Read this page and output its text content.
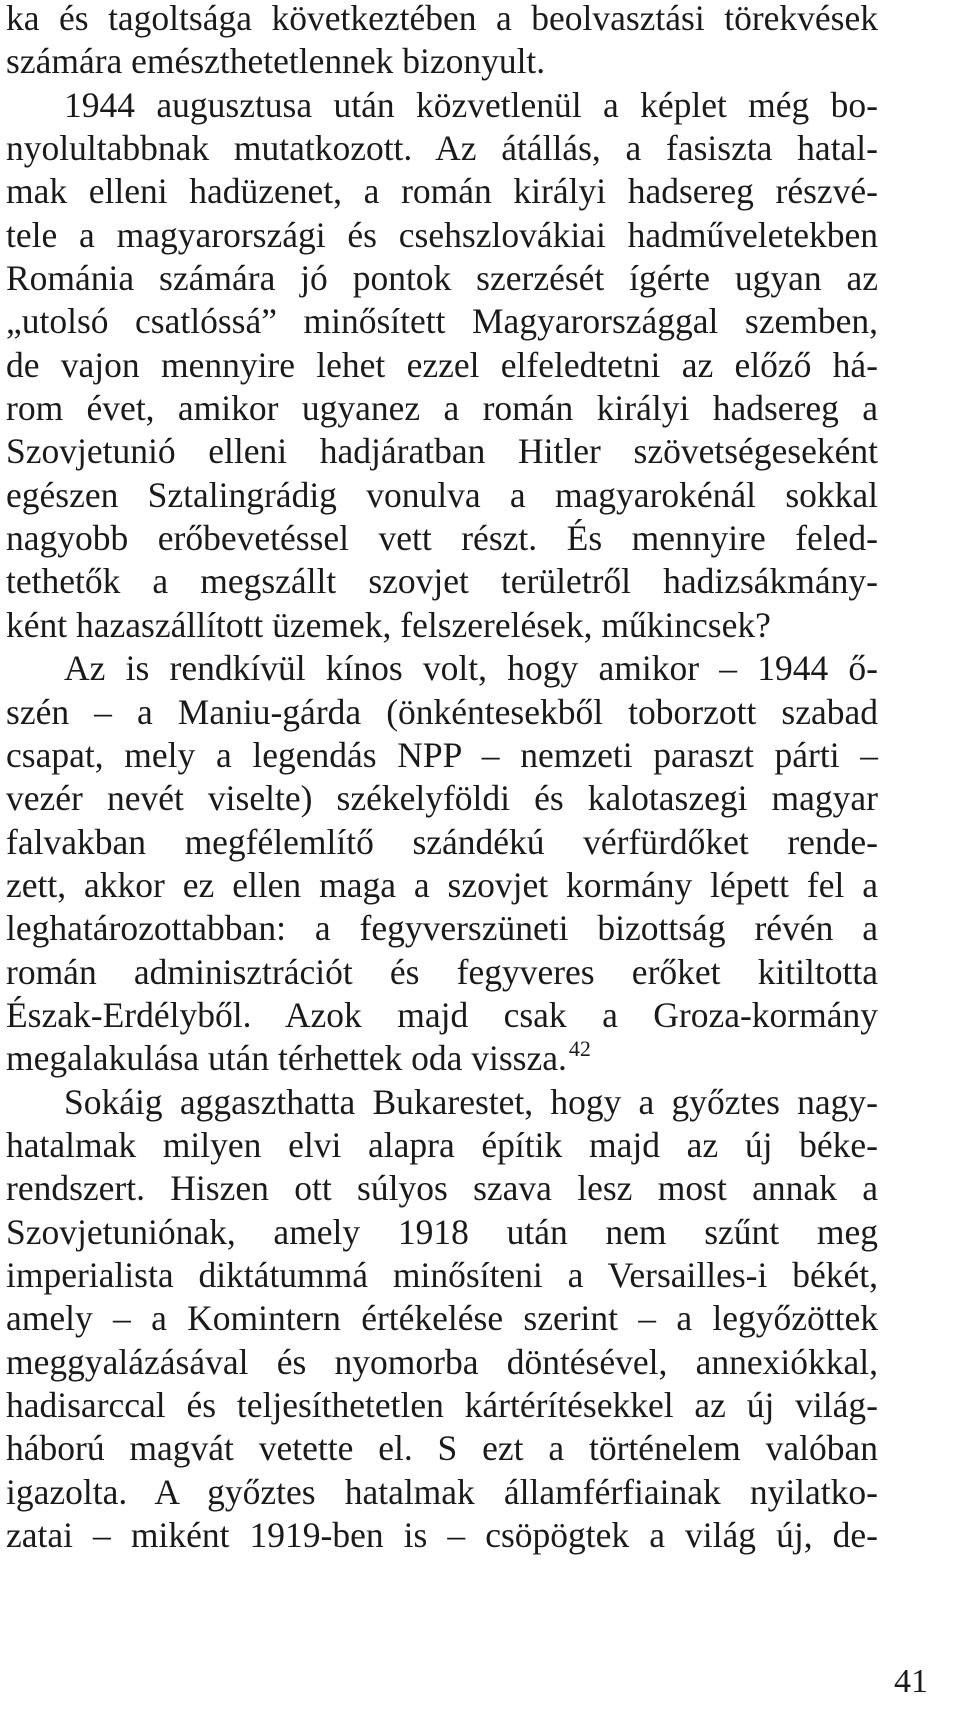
ka és tagoltsága következtében a beolvasztási törekvések
számára emészthetetlennek bizonyult.
1944 augusztusa után közvetlenül a képlet még bo-
nyolultabbnak mutatkozott. Az átállás, a fasiszta hatal-
mak elleni hadüzenet, a román királyi hadsereg részvé-
tele a magyarországi és csehszlovákiai hadműveletekben
Románia számára jó pontok szerzését ígérte ugyan az
„utolsó csatlóssá” minősített Magyarországgal szemben,
de vajon mennyire lehet ezzel elfeledtetni az előző há-
rom évet, amikor ugyanez a román királyi hadsereg a
Szovjetunió elleni hadjáratban Hitler szövetségeseként
egészen Sztalingrádig vonulva a magyarokénál sokkal
nagyobb erőbevetéssel vett részt. És mennyire feled-
tethetők a megszállt szovjet területről hadizsákmány-
ként hazaszállított üzemek, felszerelések, műkincsek?
Az is rendkívül kínos volt, hogy amikor – 1944 ő-
szén – a Maniu-gárda (önkéntesekből toborzott szabad
csapat, mely a legendás NPP – nemzeti paraszt párti –
vezér nevét viselte) székelyföldi és kalotaszegi magyar
falvakban megfélemlítő szándékú vérfürdőket rende-
zett, akkor ez ellen maga a szovjet kormány lépett fel a
leghatározottabban: a fegyverszüneti bizottság révén a
román adminisztrációt és fegyveres erőket kitiltotta
Észak-Erdélyből. Azok majd csak a Groza-kormány
megalakulása után térhettek oda vissza.$^{42}$
Sokáig aggaszthatta Bukarestet, hogy a győztes nagy-
hatalmak milyen elvi alapra építik majd az új béke-
rendszert. Hiszen ott súlyos szava lesz most annak a
Szovjetuniónak, amely 1918 után nem szűnt meg
imperialista diktátummá minősíteni a Versailles-i békét,
amely – a Komintern értékelése szerint – a legyőzöttek
meggyalázásával és nyomorba döntésével, annexiókkal,
hadisarccal és teljesíthetetlen kártérítésekkel az új világ-
háború magvát vetette el. S ezt a történelem valóban
igazolta. A győztes hatalmak államférfiainak nyilatko-
zatai – miként 1919-ben is – csöpögtek a világ új, de-
41
